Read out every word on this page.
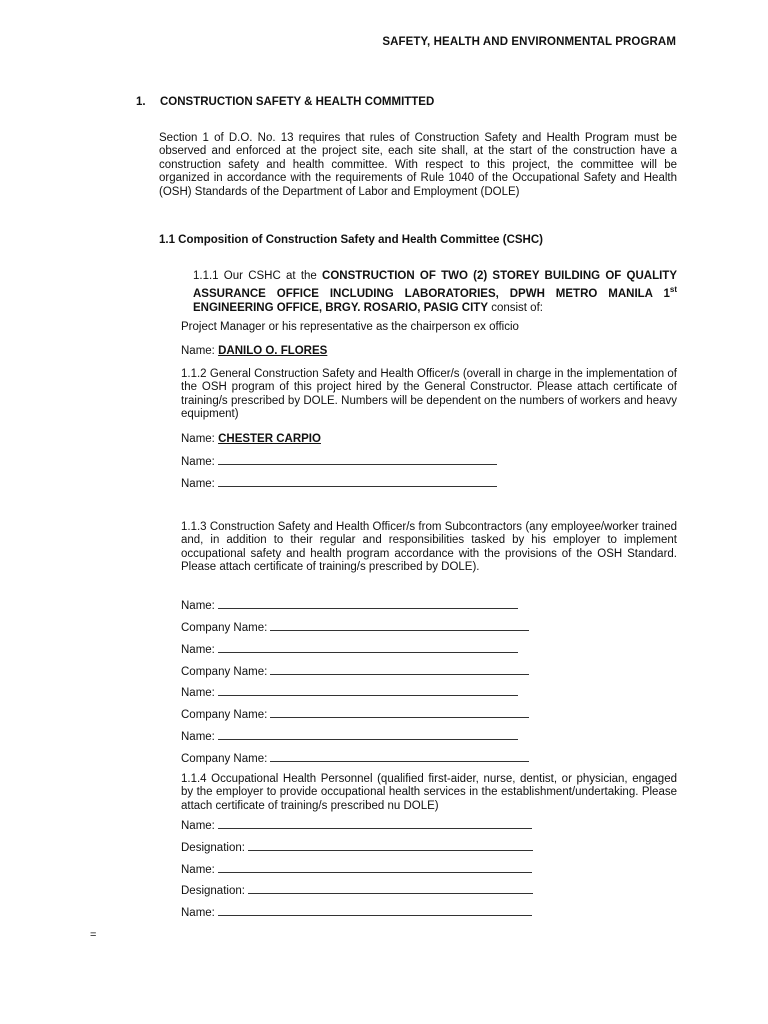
SAFETY, HEALTH AND ENVIRONMENTAL PROGRAM
1. CONSTRUCTION SAFETY & HEALTH COMMITTED
Section 1 of D.O. No. 13 requires that rules of Construction Safety and Health Program must be observed and enforced at the project site, each site shall, at the start of the construction have a construction safety and health committee. With respect to this project, the committee will be organized in accordance with the requirements of Rule 1040 of the Occupational Safety and Health (OSH) Standards of the Department of Labor and Employment (DOLE)
1.1 Composition of Construction Safety and Health Committee (CSHC)
1.1.1 Our CSHC at the CONSTRUCTION OF TWO (2) STOREY BUILDING OF QUALITY ASSURANCE OFFICE INCLUDING LABORATORIES, DPWH METRO MANILA 1st ENGINEERING OFFICE, BRGY. ROSARIO, PASIG CITY consist of:
Project Manager or his representative as the chairperson ex officio
Name: DANILO O. FLORES
1.1.2 General Construction Safety and Health Officer/s (overall in charge in the implementation of the OSH program of this project hired by the General Constructor. Please attach certificate of training/s prescribed by DOLE. Numbers will be dependent on the numbers of workers and heavy equipment)
Name: CHESTER CARPIO
Name:
Name:
1.1.3 Construction Safety and Health Officer/s from Subcontractors (any employee/worker trained and, in addition to their regular and responsibilities tasked by his employer to implement occupational safety and health program accordance with the provisions of the OSH Standard. Please attach certificate of training/s prescribed by DOLE).
Name:
Company Name:
Name:
Company Name:
Name:
Company Name:
Name:
Company Name:
1.1.4 Occupational Health Personnel (qualified first-aider, nurse, dentist, or physician, engaged by the employer to provide occupational health services in the establishment/undertaking. Please attach certificate of training/s prescribed nu DOLE)
Name:
Designation:
Name:
Designation:
Name:
=
